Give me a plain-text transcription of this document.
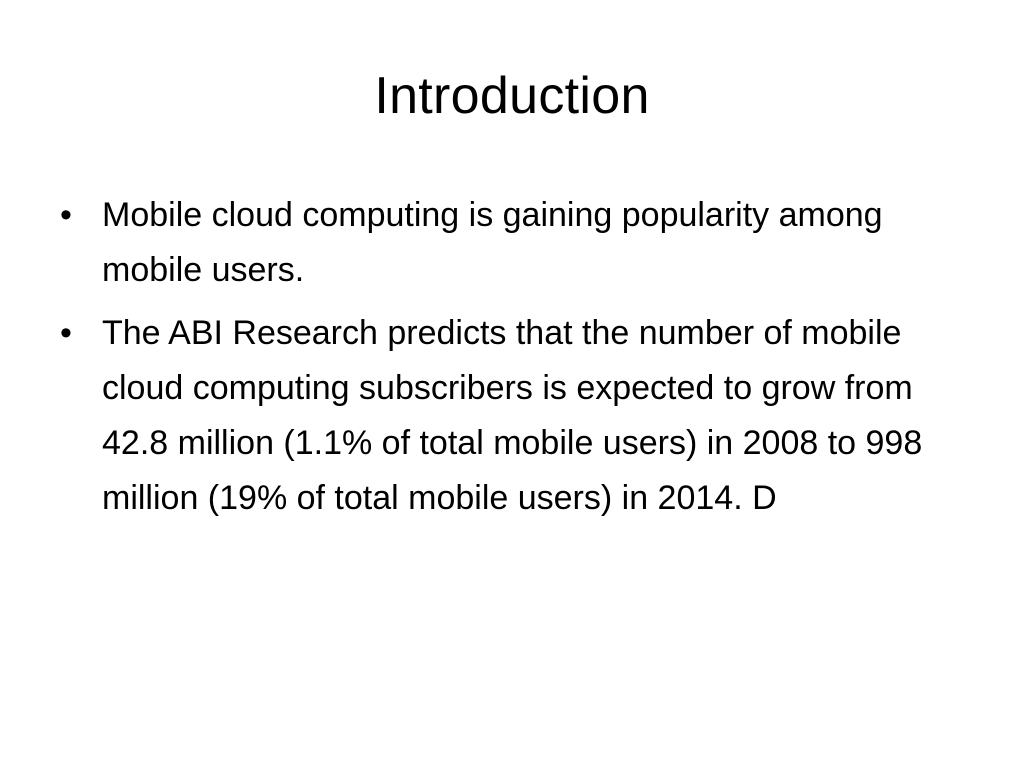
Introduction
• Mobile cloud computing is gaining popularity among mobile users.
• The ABI Research predicts that the number of mobile cloud computing subscribers is expected to grow from 42.8 million (1.1% of total mobile users) in 2008 to 998 million (19% of total mobile users) in 2014. D
